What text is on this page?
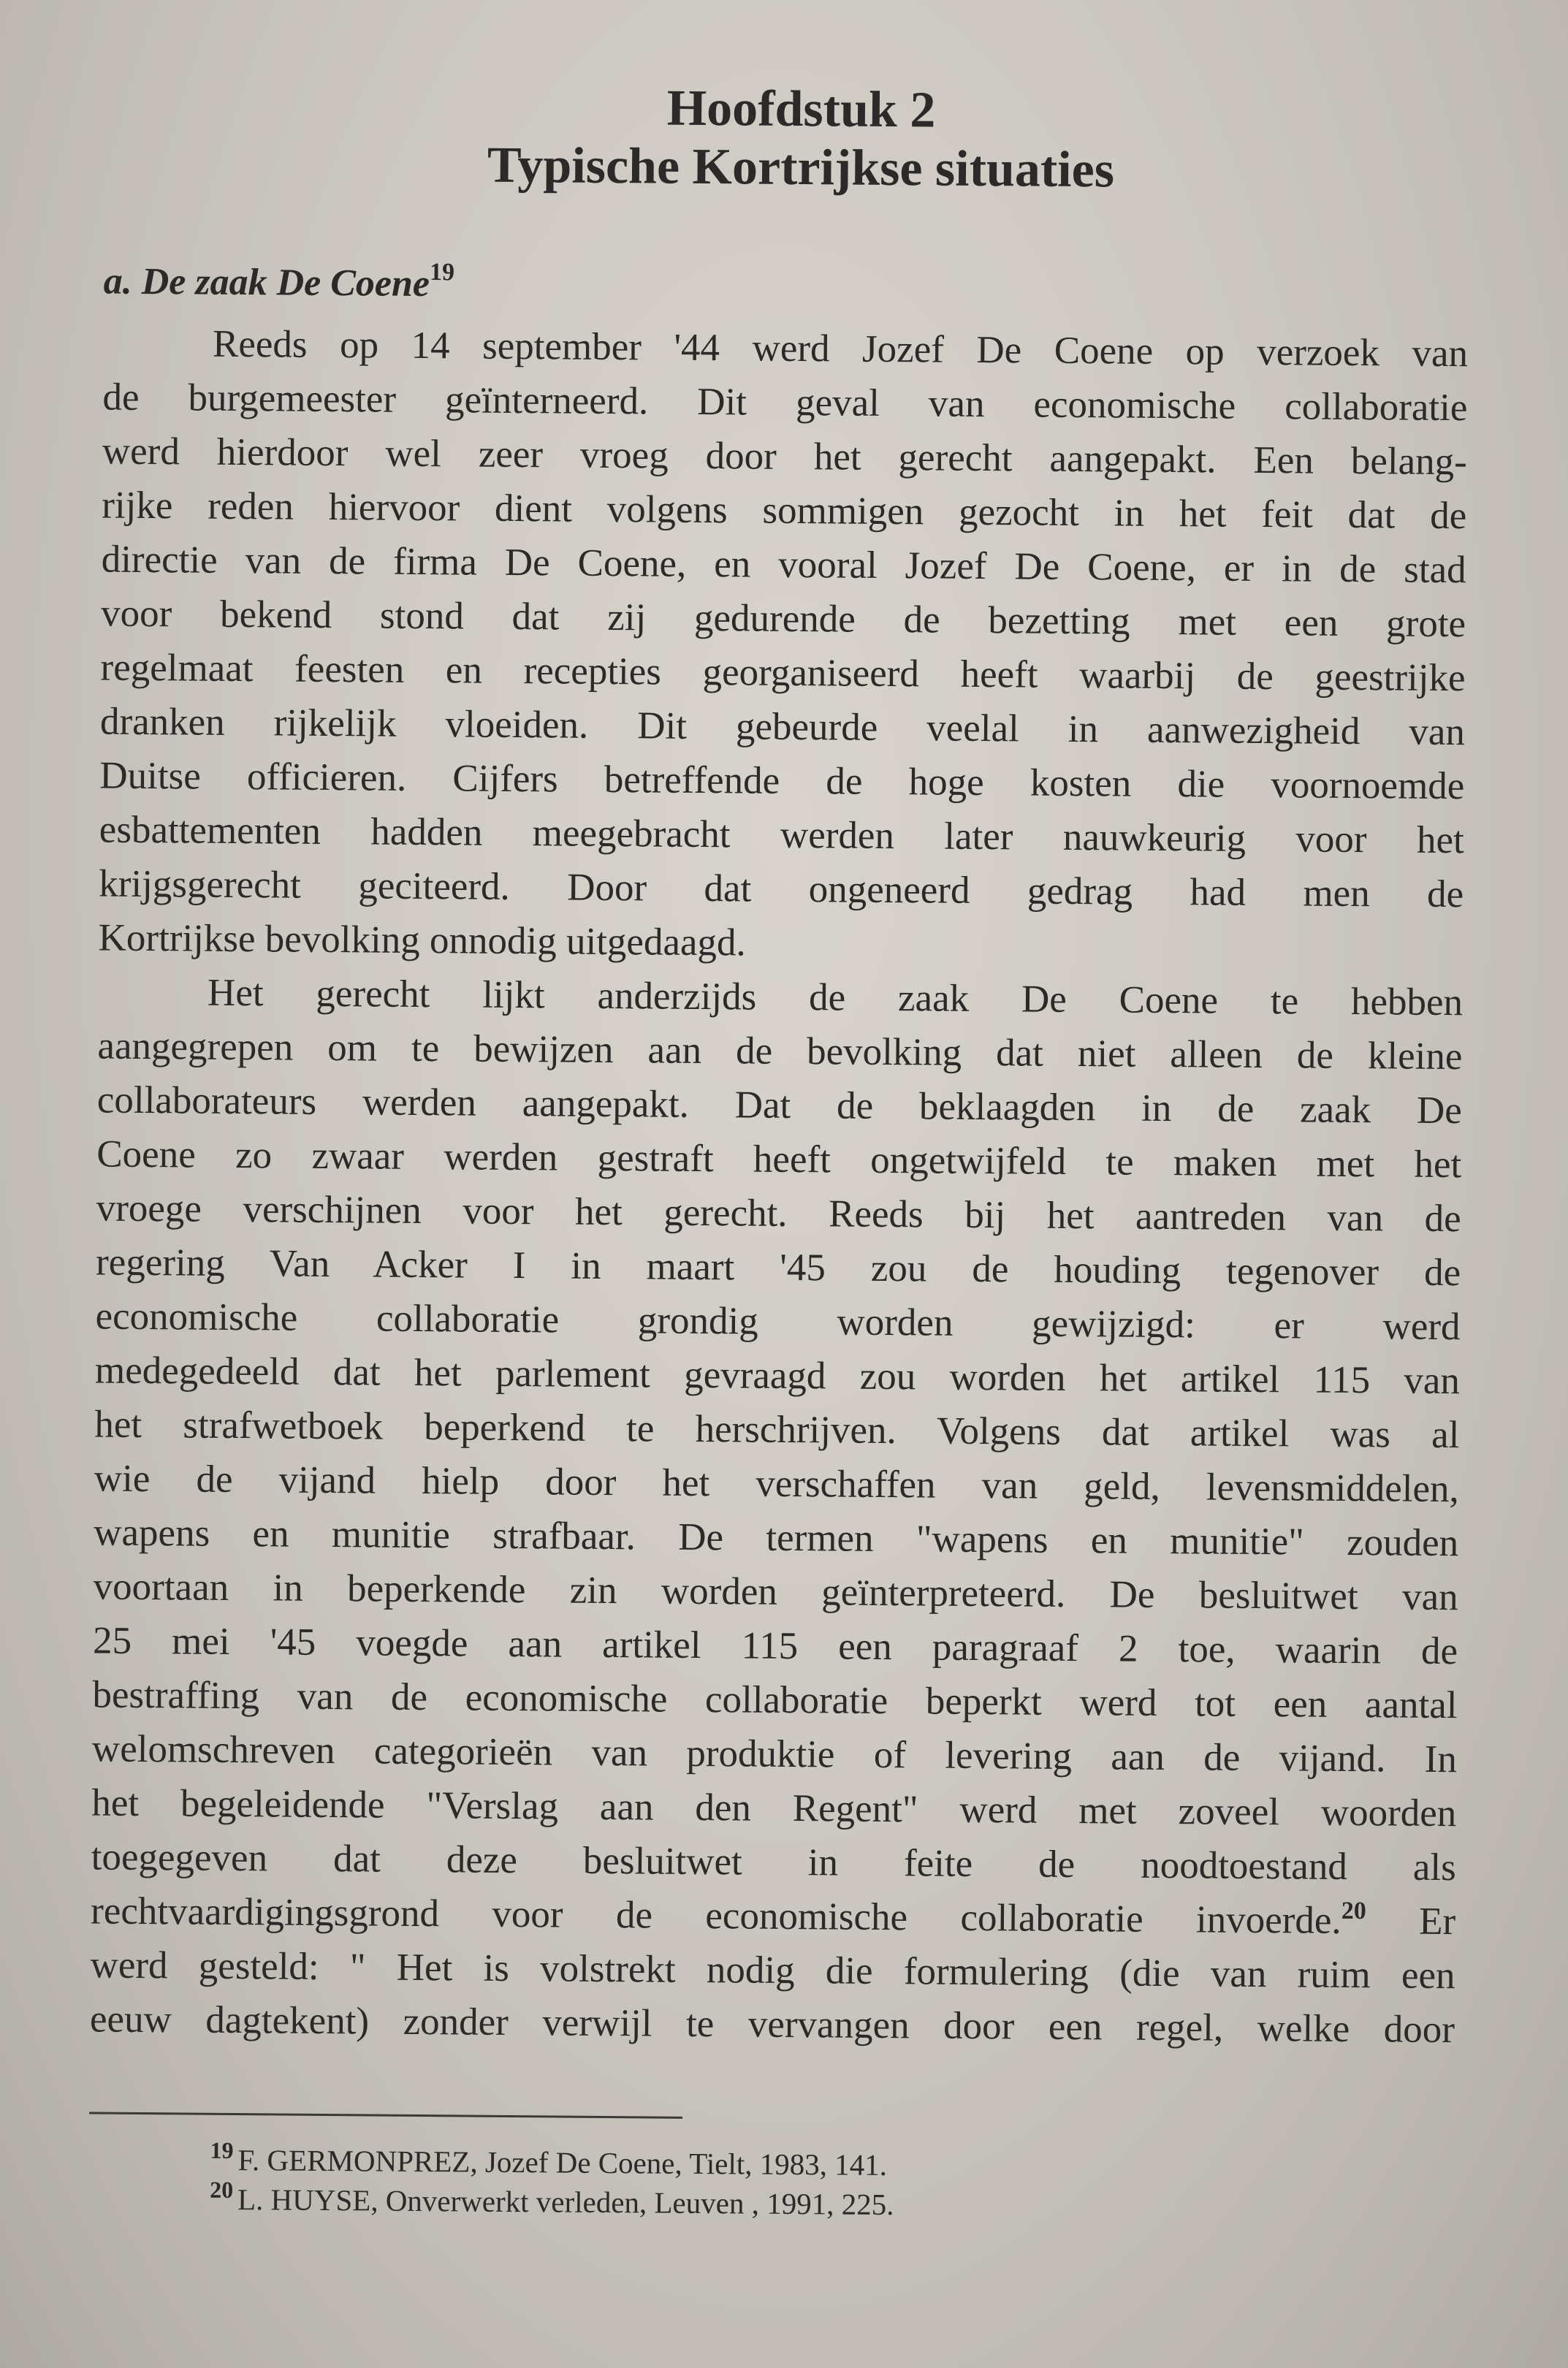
Hoofdstuk 2
Typische Kortrijkse situaties
a. De zaak De Coene$^{19}$
Reeds op 14 september '44 werd Jozef De Coene op verzoek van
de burgemeester geïnterneerd. Dit geval van economische collaboratie
werd hierdoor wel zeer vroeg door het gerecht aangepakt. Een belang-
rijke reden hiervoor dient volgens sommigen gezocht in het feit dat de
directie van de firma De Coene, en vooral Jozef De Coene, er in de stad
voor bekend stond dat zij gedurende de bezetting met een grote
regelmaat feesten en recepties georganiseerd heeft waarbij de geestrijke
dranken rijkelijk vloeiden. Dit gebeurde veelal in aanwezigheid van
Duitse officieren. Cijfers betreffende de hoge kosten die voornoemde
esbattementen hadden meegebracht werden later nauwkeurig voor het
krijgsgerecht geciteerd. Door dat ongeneerd gedrag had men de
Kortrijkse bevolking onnodig uitgedaagd.
Het gerecht lijkt anderzijds de zaak De Coene te hebben
aangegrepen om te bewijzen aan de bevolking dat niet alleen de kleine
collaborateurs werden aangepakt. Dat de beklaagden in de zaak De
Coene zo zwaar werden gestraft heeft ongetwijfeld te maken met het
vroege verschijnen voor het gerecht. Reeds bij het aantreden van de
regering Van Acker I in maart '45 zou de houding tegenover de
economische collaboratie grondig worden gewijzigd: er werd
medegedeeld dat het parlement gevraagd zou worden het artikel 115 van
het strafwetboek beperkend te herschrijven. Volgens dat artikel was al
wie de vijand hielp door het verschaffen van geld, levensmiddelen,
wapens en munitie strafbaar. De termen "wapens en munitie" zouden
voortaan in beperkende zin worden geïnterpreteerd. De besluitwet van
25 mei '45 voegde aan artikel 115 een paragraaf 2 toe, waarin de
bestraffing van de economische collaboratie beperkt werd tot een aantal
welomschreven categorieën van produktie of levering aan de vijand. In
het begeleidende "Verslag aan den Regent" werd met zoveel woorden
toegegeven dat deze besluitwet in feite de noodtoestand als
rechtvaardigingsgrond voor de economische collaboratie invoerde.$^{20}$ Er
werd gesteld: " Het is volstrekt nodig die formulering (die van ruim een
eeuw dagtekent) zonder verwijl te vervangen door een regel, welke door
$^{19}$ F. GERMONPREZ, Jozef De Coene, Tielt, 1983, 141.
$^{20}$ L. HUYSE, Onverwerkt verleden, Leuven , 1991, 225.
